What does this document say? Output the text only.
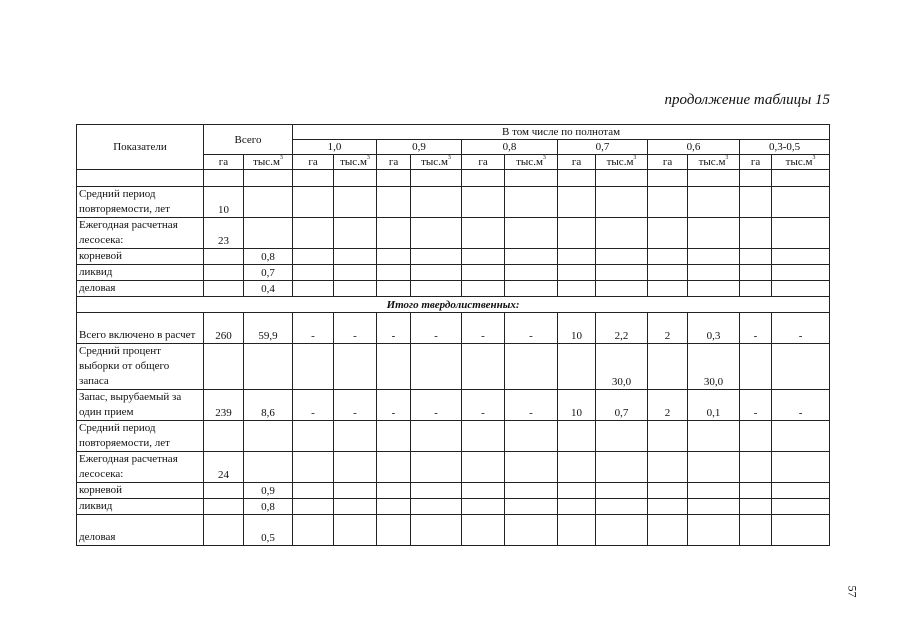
продолжение таблицы 15
Показатели	Всего		В том числе по полнотам											
			1,0		0,9		0,8		0,7		0,6		0,3-0,5	
	га	$тыс.м^3$	га	$тыс.м^3$	га	$тыс.м^3$	га	$тыс.м^3$	га	$тыс.м^3$	га	$тыс.м^3$	га	$тыс.м^3$

Средний период повторяемости, лет	10													
Ежегодная расчетная лесосека:	23													
корневой		0,8												
ликвид		0,7												
деловая		0,4												
Итого твердолиственных:														
Всего включено в расчет	260	59,9	-	-	-	-	-	-	10	2,2	2	0,3	-	-
Средний процент выборки от общего запаса										30,0		30,0		
Запас, вырубаемый за один прием	239	8,6	-	-	-	-	-	-	10	0,7	2	0,1	-	-
Средний период повторяемости, лет														
Ежегодная расчетная лесосека:	24													
корневой		0,9												
ликвид		0,8												
деловая		0,5												
57
